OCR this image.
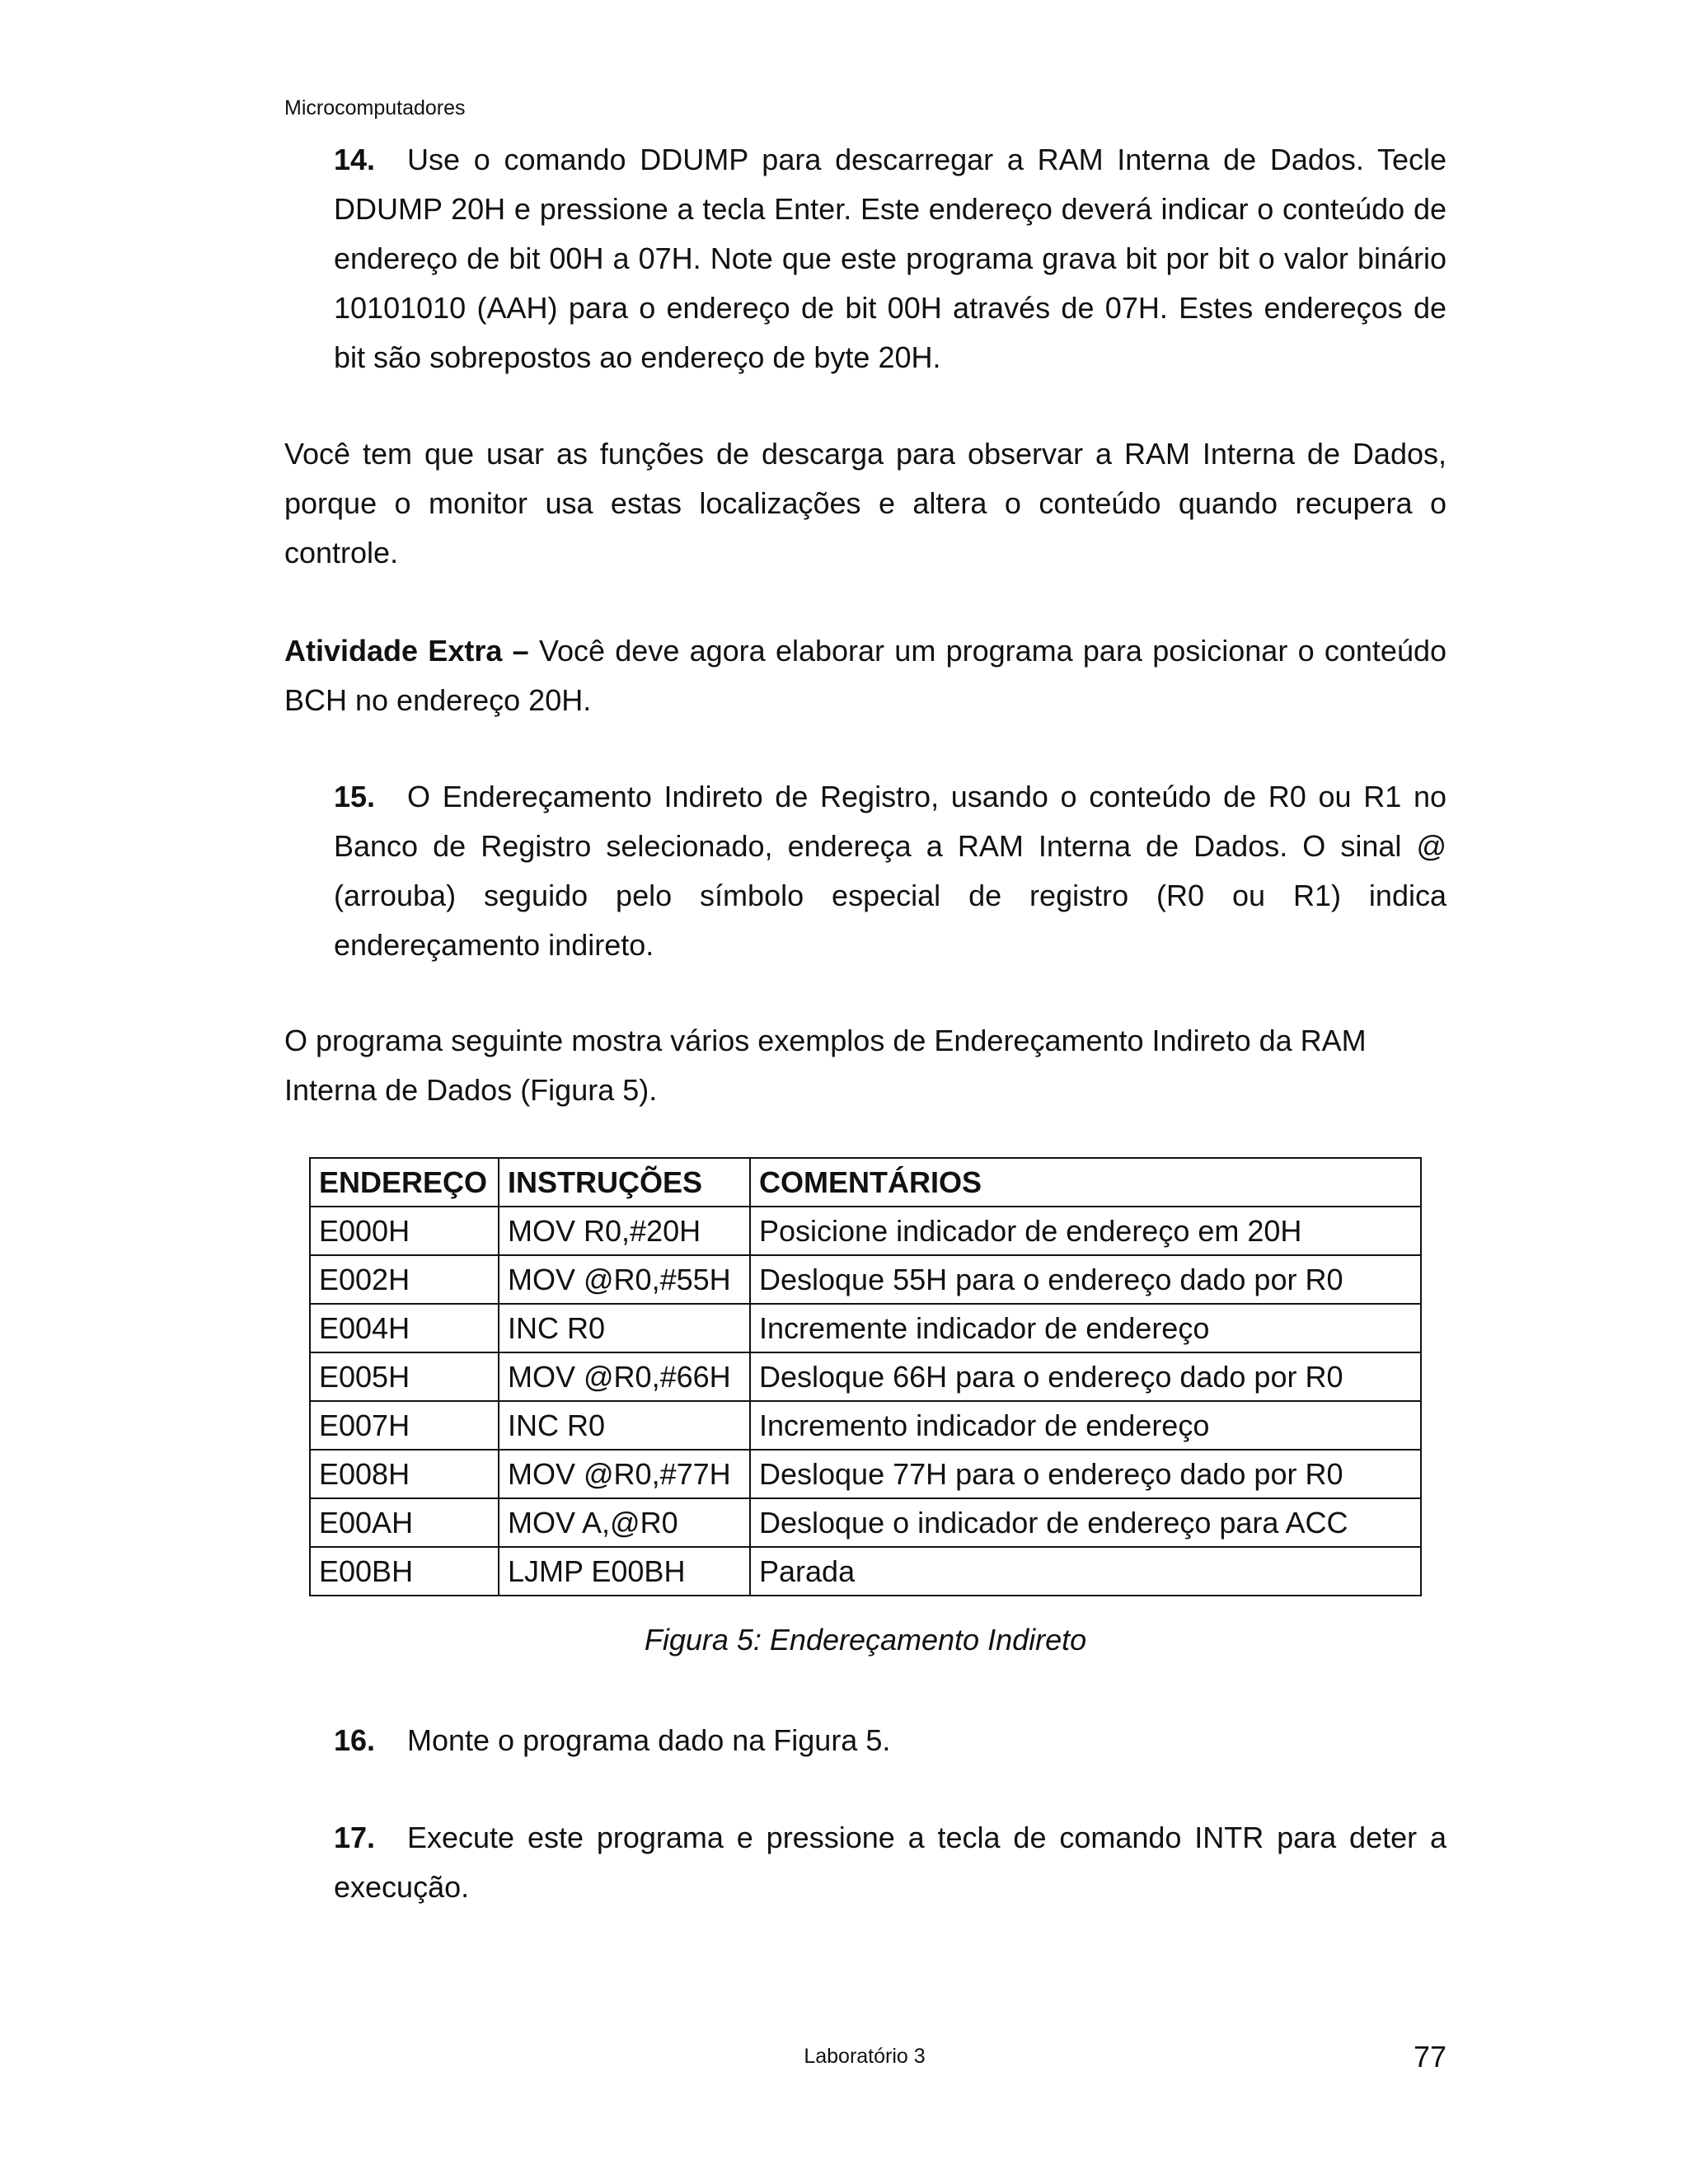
Microcomputadores
14. Use o comando DDUMP para descarregar a RAM Interna de Dados. Tecle DDUMP 20H e pressione a tecla Enter. Este endereço deverá indicar o conteúdo de endereço de bit 00H a 07H. Note que este programa grava bit por bit o valor binário 10101010 (AAH) para o endereço de bit 00H através de 07H. Estes endereços de bit são sobrepostos ao endereço de byte 20H.
Você tem que usar as funções de descarga para observar a RAM Interna de Dados, porque o monitor usa estas localizações e altera o conteúdo quando recupera o controle.
Atividade Extra – Você deve agora elaborar um programa para posicionar o conteúdo BCH no endereço 20H.
15. O Endereçamento Indireto de Registro, usando o conteúdo de R0 ou R1 no Banco de Registro selecionado, endereça a RAM Interna de Dados. O sinal @ (arrouba) seguido pelo símbolo especial de registro (R0 ou R1) indica endereçamento indireto.
O programa seguinte mostra vários exemplos de Endereçamento Indireto da RAM
Interna de Dados (Figura 5).
ENDEREÇO	INSTRUÇÕES	COMENTÁRIOS
E000H	MOV R0,#20H	Posicione indicador de endereço em 20H
E002H	MOV @R0,#55H	Desloque 55H para o endereço dado por R0
E004H	INC R0	Incremente indicador de endereço
E005H	MOV @R0,#66H	Desloque 66H para o endereço dado por R0
E007H	INC R0	Incremento indicador de endereço
E008H	MOV @R0,#77H	Desloque 77H para o endereço dado por R0
E00AH	MOV A,@R0	Desloque o indicador de endereço para ACC
E00BH	LJMP E00BH	Parada
Figura 5: Endereçamento Indireto
16. Monte o programa dado na Figura 5.
17. Execute este programa e pressione a tecla de comando INTR para deter a execução.
Laboratório 3	77
